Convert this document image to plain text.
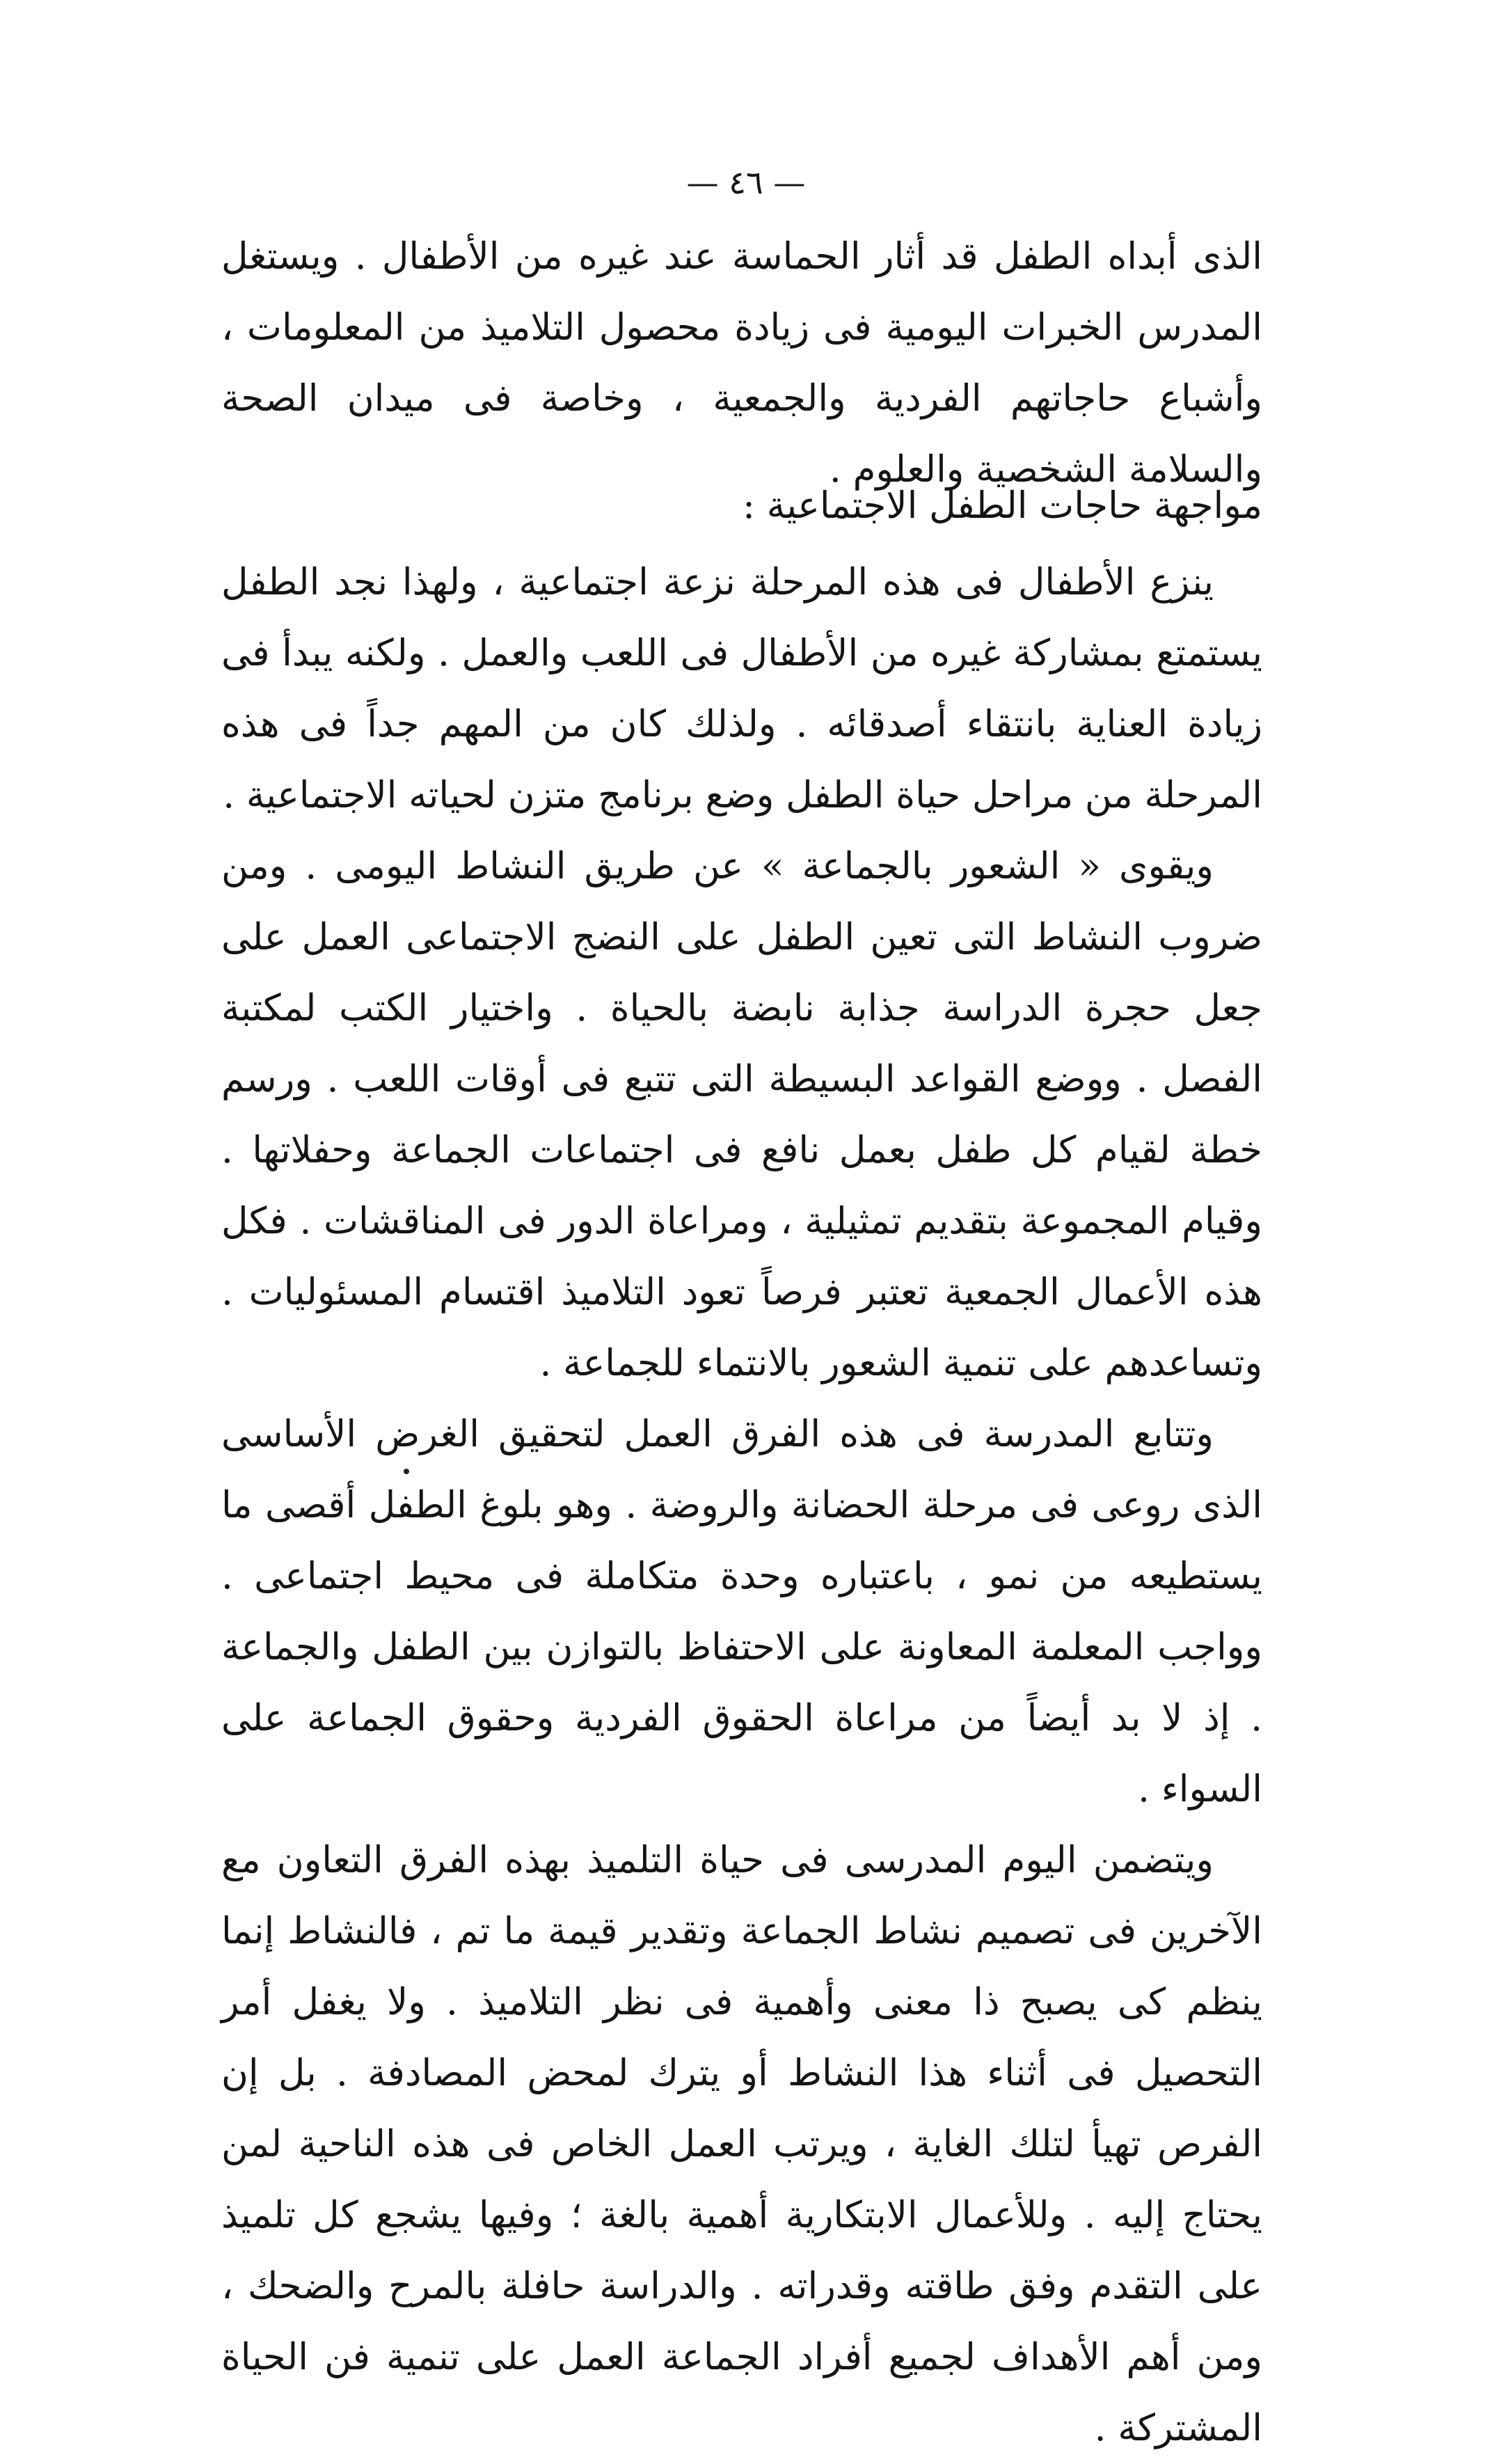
— ٤٦ —

الذى أبداه الطفل قد أثار الحماسة عند غيره من الأطفال . ويستغل المدرس الخبرات اليومية فى زيادة محصول التلاميذ من المعلومات ، وأشباع حاجاتهم الفردية والجمعية ، وخاصة فى ميدان الصحة والسلامة الشخصية والعلوم .

مواجهة حاجات الطفل الاجتماعية :

ينزع الأطفال فى هذه المرحلة نزعة اجتماعية ، ولهذا نجد الطفل يستمتع بمشاركة غيره من الأطفال فى اللعب والعمل . ولكنه يبدأ فى زيادة العناية بانتقاء أصدقائه . ولذلك كان من المهم جداً فى هذه المرحلة من مراحل حياة الطفل وضع برنامج متزن لحياته الاجتماعية .

ويقوى « الشعور بالجماعة » عن طريق النشاط اليومى . ومن ضروب النشاط التى تعين الطفل على النضج الاجتماعى العمل على جعل حجرة الدراسة جذابة نابضة بالحياة . واختيار الكتب لمكتبة الفصل . ووضع القواعد البسيطة التى تتبع فى أوقات اللعب . ورسم خطة لقيام كل طفل بعمل نافع فى اجتماعات الجماعة وحفلاتها . وقيام المجموعة بتقديم تمثيلية ، ومراعاة الدور فى المناقشات . فكل هذه الأعمال الجمعية تعتبر فرصاً تعود التلاميذ اقتسام المسئوليات . وتساعدهم على تنمية الشعور بالانتماء للجماعة .

وتتابع المدرسة فى هذه الفرق العمل لتحقيق الغرض الأساسى الذى روعى فى مرحلة الحضانة والروضة . وهو بلوغ الطفل أقصى ما يستطيعه من نمو ، باعتباره وحدة متكاملة فى محيط اجتماعى . وواجب المعلمة المعاونة على الاحتفاظ بالتوازن بين الطفل والجماعة . إذ لا بد أيضاً من مراعاة الحقوق الفردية وحقوق الجماعة على السواء .

ويتضمن اليوم المدرسى فى حياة التلميذ بهذه الفرق التعاون مع الآخرين فى تصميم نشاط الجماعة وتقدير قيمة ما تم ، فالنشاط إنما ينظم كى يصبح ذا معنى وأهمية فى نظر التلاميذ . ولا يغفل أمر التحصيل فى أثناء هذا النشاط أو يترك لمحض المصادفة . بل إن الفرص تهيأ لتلك الغاية ، ويرتب العمل الخاص فى هذه الناحية لمن يحتاج إليه . وللأعمال الابتكارية أهمية بالغة ؛ وفيها يشجع كل تلميذ على التقدم وفق طاقته وقدراته . والدراسة حافلة بالمرح والضحك ، ومن أهم الأهداف لجميع أفراد الجماعة العمل على تنمية فن الحياة المشتركة .
